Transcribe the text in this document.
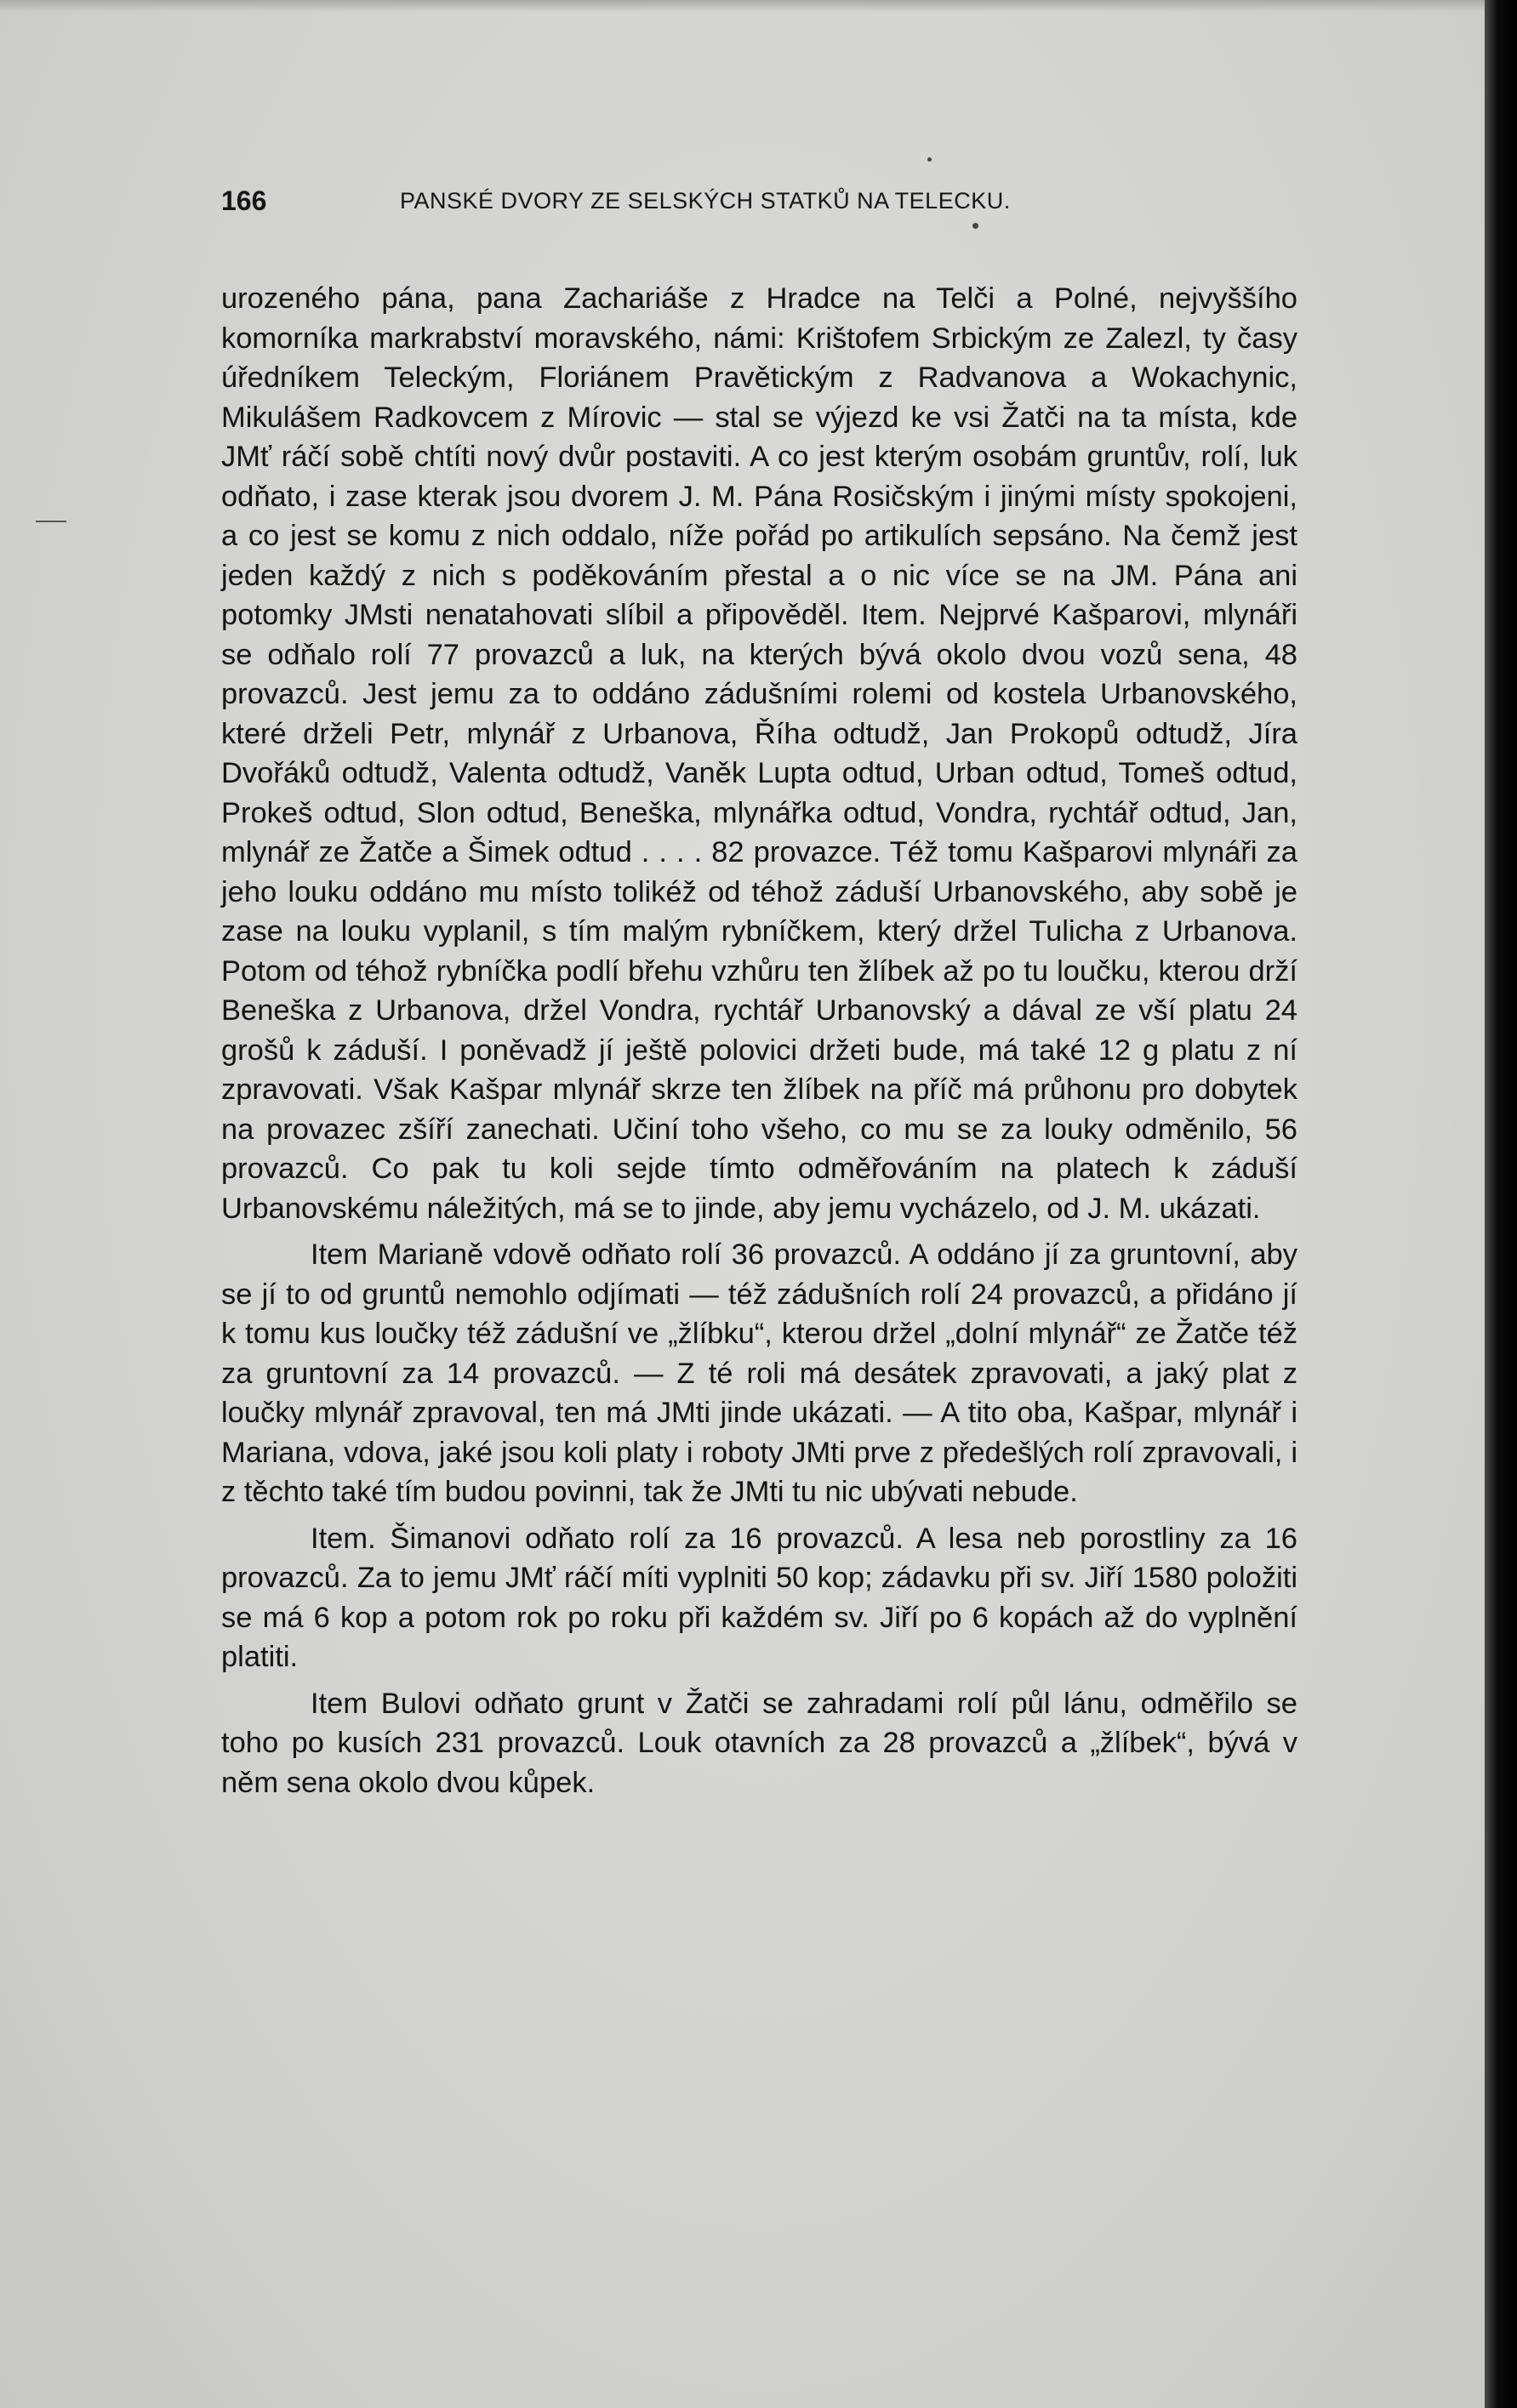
166	PANSKÉ DVORY ZE SELSKÝCH STATKŮ NA TELECKU.

urozeného pána, pana Zachariáše z Hradce na Telči a Polné, nejvyššího komorníka markrabství moravského, námi: Krištofem Srbickým ze Zalezl, ty časy úředníkem Teleckým, Floriánem Pravětickým z Radvanova a Wokachynic, Mikulášem Radkovcem z Mírovic — stal se výjezd ke vsi Žatči na ta místa, kde JMť ráčí sobě chtíti nový dvůr postaviti. A co jest kterým osobám gruntův, rolí, luk odňato, i zase kterak jsou dvorem J. M. Pána Rosičským i jinými místy spokojeni, a co jest se komu z nich oddalo, níže pořád po artikulích sepsáno. Na čemž jest jeden každý z nich s poděkováním přestal a o nic více se na JM. Pána ani potomky JMsti nenatahovati slíbil a připověděl. Item. Nejprvé Kašparovi, mlynáři se odňalo rolí 77 provazců a luk, na kterých bývá okolo dvou vozů sena, 48 provazců. Jest jemu za to oddáno zádušními rolemi od kostela Urbanovského, které drželi Petr, mlynář z Urbanova, Říha odtudž, Jan Prokopů odtudž, Jíra Dvořáků odtudž, Valenta odtudž, Vaněk Lupta odtud, Urban odtud, Tomeš odtud, Prokeš odtud, Slon odtud, Beneška, mlynářka odtud, Vondra, rychtář odtud, Jan, mlynář ze Žatče a Šimek odtud . . . . 82 provazce. Též tomu Kašparovi mlynáři za jeho louku oddáno mu místo tolikéž od téhož záduší Urbanovského, aby sobě je zase na louku vyplanil, s tím malým rybníčkem, který držel Tulicha z Urbanova. Potom od téhož rybníčka podlí břehu vzhůru ten žlíbek až po tu loučku, kterou drží Beneška z Urbanova, držel Vondra, rychtář Urbanovský a dával ze vší platu 24 grošů k záduší. I poněvadž jí ještě polovici držeti bude, má také 12 g platu z ní zpravovati. Však Kašpar mlynář skrze ten žlíbek na příč má průhonu pro dobytek na provazec zšíří zanechati. Učiní toho všeho, co mu se za louky odměnilo, 56 provazců. Co pak tu koli sejde tímto odměřováním na platech k záduší Urbanovskému náležitých, má se to jinde, aby jemu vycházelo, od J. M. ukázati.

Item Marianě vdově odňato rolí 36 provazců. A oddáno jí za gruntovní, aby se jí to od gruntů nemohlo odjímati — též zádušních rolí 24 provazců, a přidáno jí k tomu kus loučky též zádušní ve „žlíbku“, kterou držel „dolní mlynář“ ze Žatče též za gruntovní za 14 provazců. — Z té roli má desátek zpravovati, a jaký plat z loučky mlynář zpravoval, ten má JMti jinde ukázati. — A tito oba, Kašpar, mlynář i Mariana, vdova, jaké jsou koli platy i roboty JMti prve z předešlých rolí zpravovali, i z těchto také tím budou povinni, tak že JMti tu nic ubývati nebude.

Item. Šimanovi odňato rolí za 16 provazců. A lesa neb porostliny za 16 provazců. Za to jemu JMť ráčí míti vyplniti 50 kop; zádavku při sv. Jiří 1580 položiti se má 6 kop a potom rok po roku při každém sv. Jiří po 6 kopách až do vyplnění platiti.

Item Bulovi odňato grunt v Žatči se zahradami rolí půl lánu, odměřilo se toho po kusích 231 provazců. Louk otavních za 28 provazců a „žlíbek“, bývá v něm sena okolo dvou kůpek.
